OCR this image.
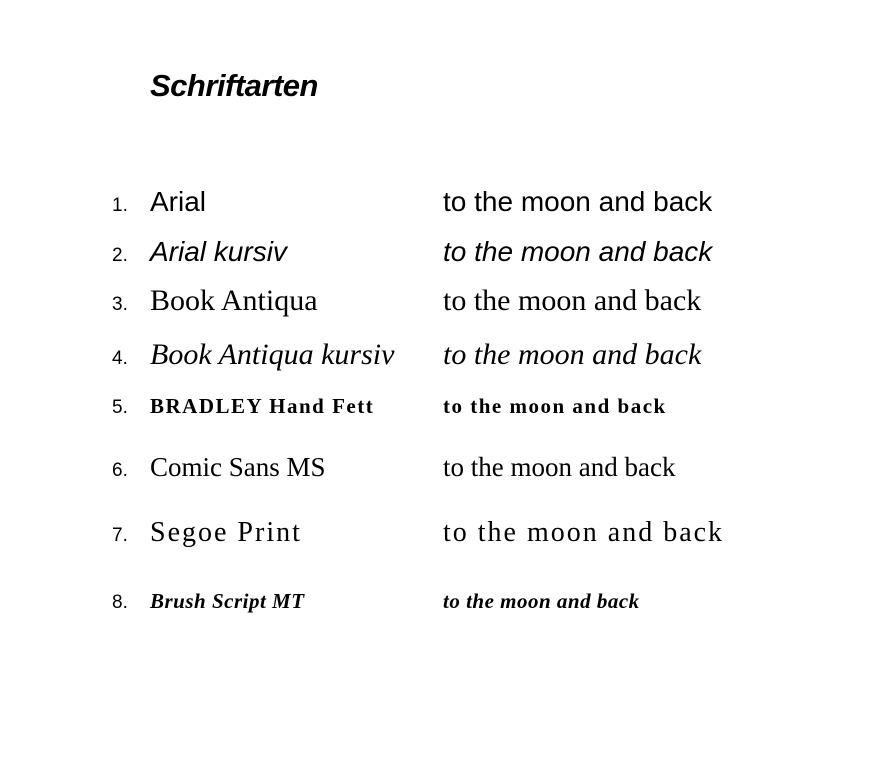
Schriftarten
1. Arial	to the moon and back
2. Arial kursiv	to the moon and back
3. Book Antiqua	to the moon and back
4. Book Antiqua kursiv	to the moon and back
5.	BRADLEY Hand Fett	to the moon and back
6. Comic Sans MS	to the moon and back
7. Segoe Print	to the moon and back
8.	Brush Script MT	to the moon and back
